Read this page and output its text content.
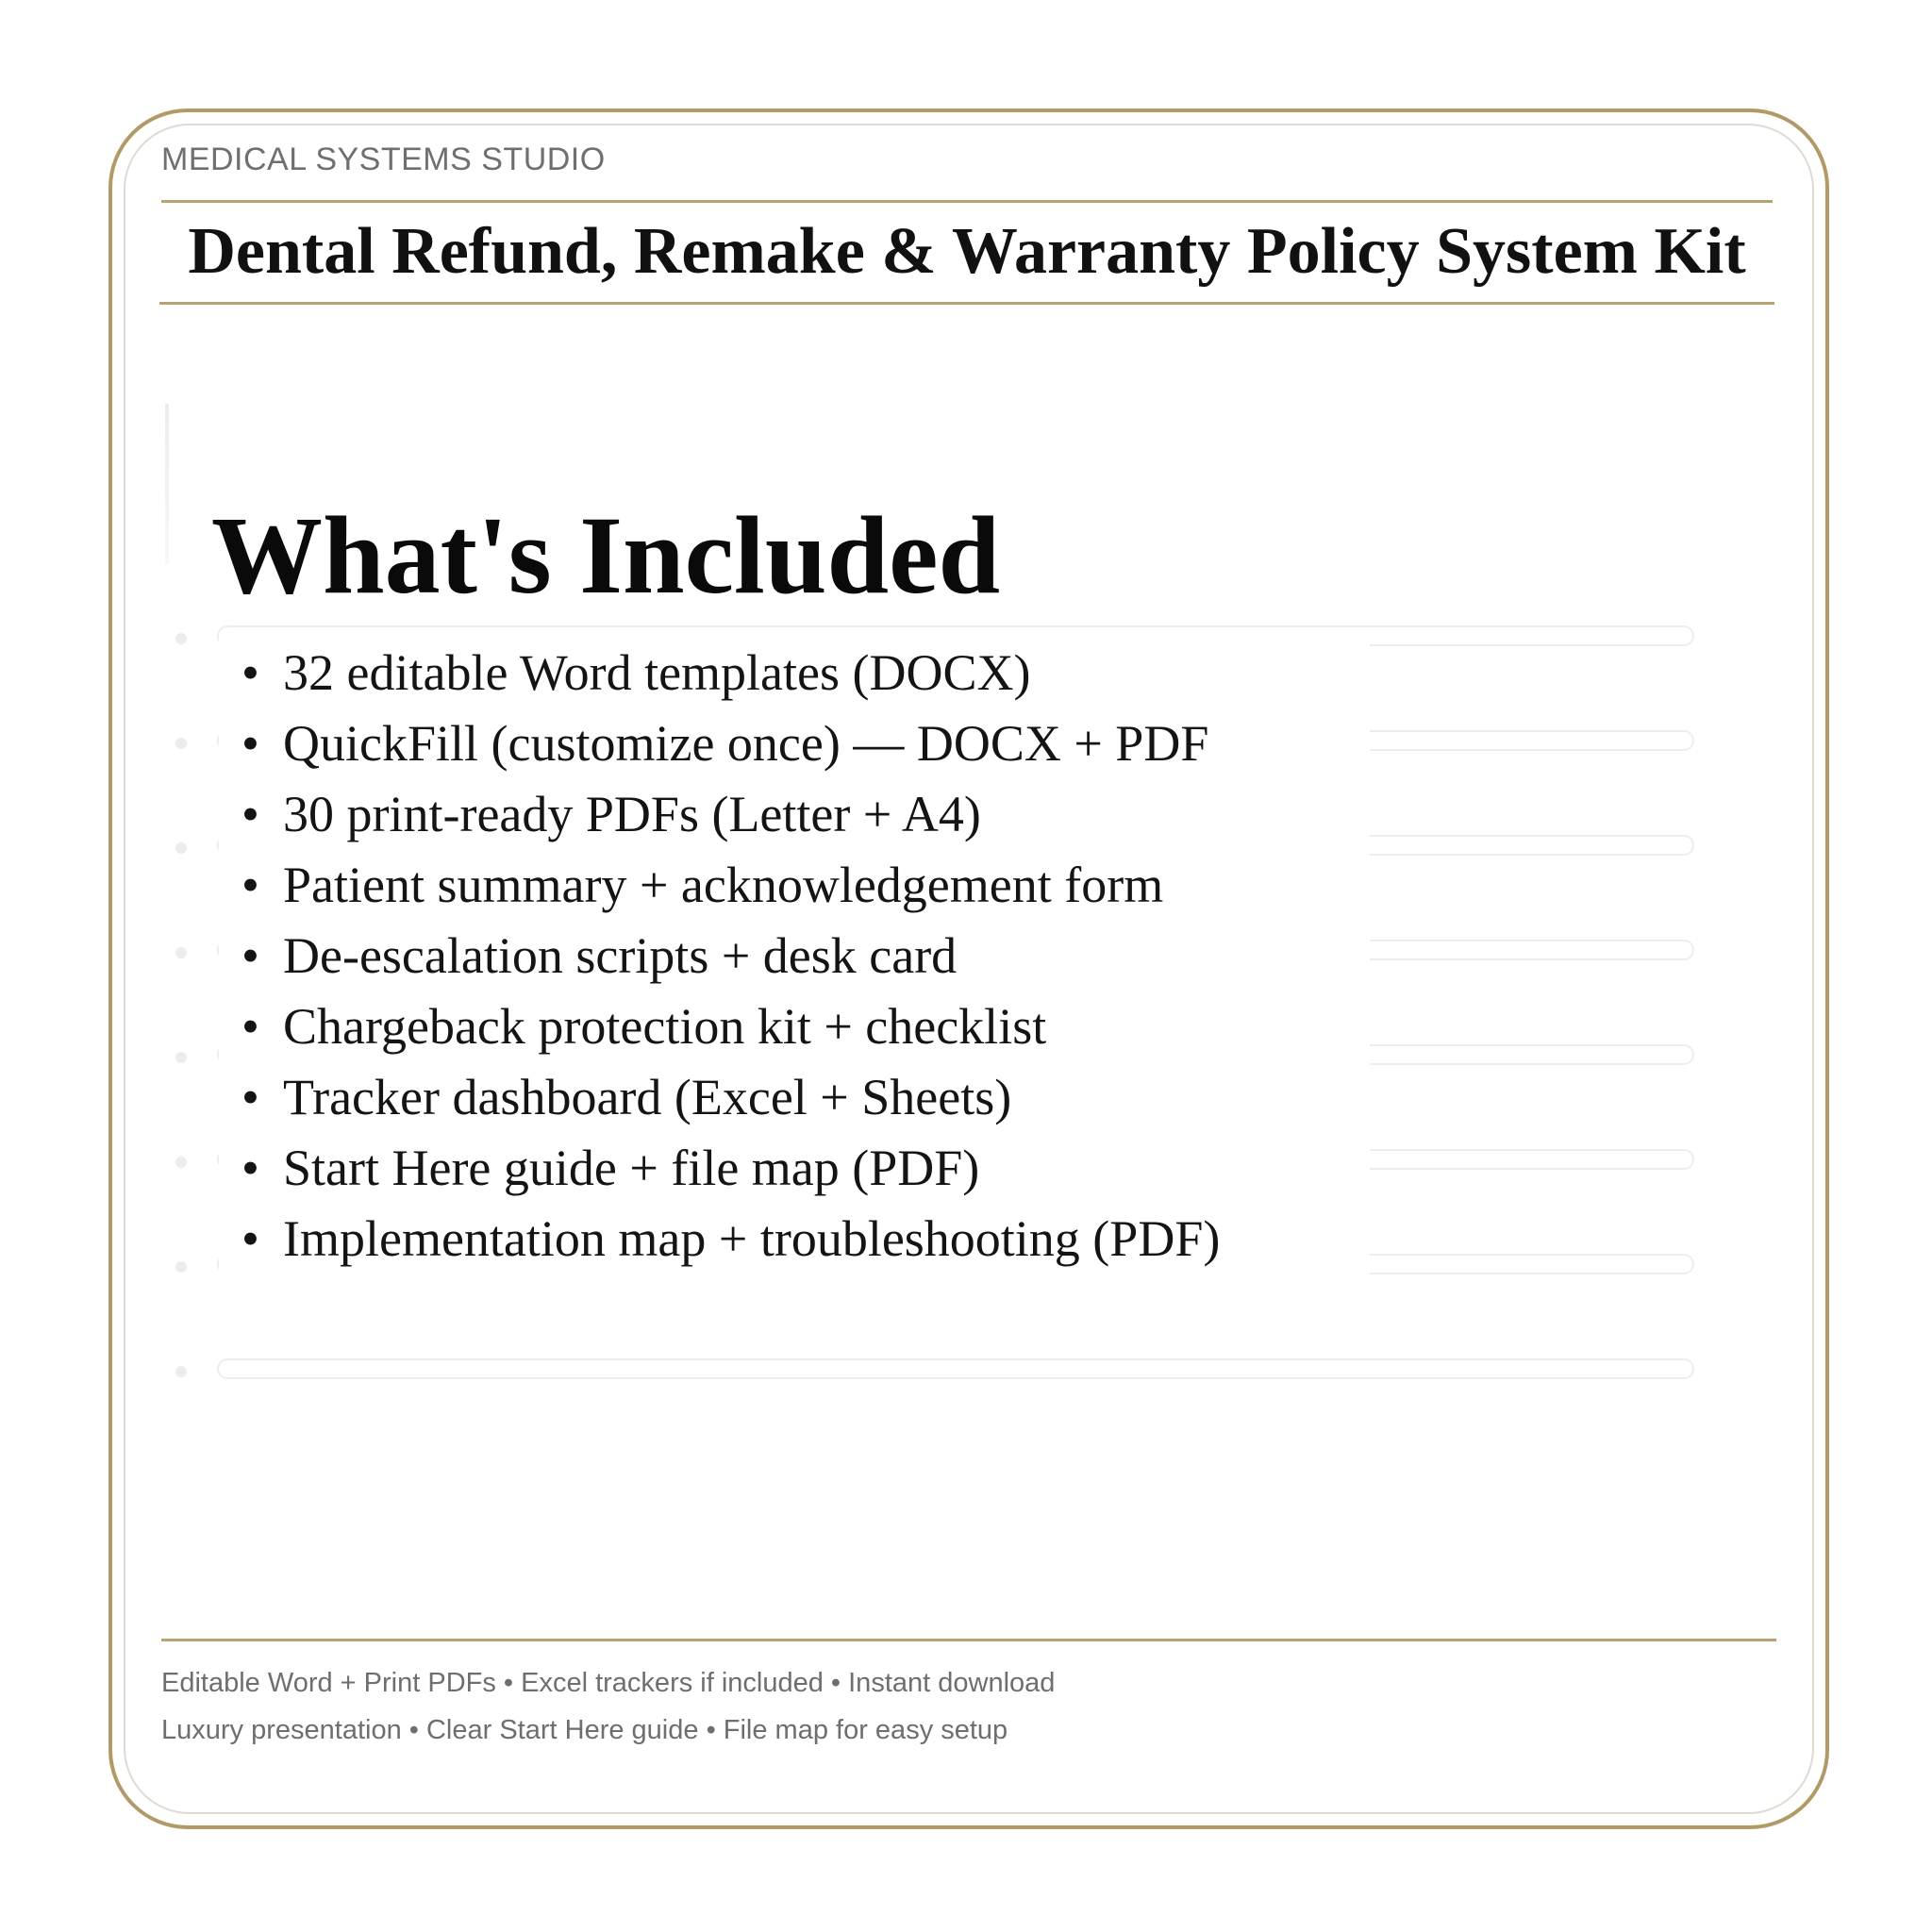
MEDICAL SYSTEMS STUDIO
Dental Refund, Remake & Warranty Policy System Kit
What's Included
• 32 editable Word templates (DOCX)
• QuickFill (customize once) — DOCX + PDF
• 30 print-ready PDFs (Letter + A4)
• Patient summary + acknowledgement form
• De-escalation scripts + desk card
• Chargeback protection kit + checklist
• Tracker dashboard (Excel + Sheets)
• Start Here guide + file map (PDF)
• Implementation map + troubleshooting (PDF)
Editable Word + Print PDFs • Excel trackers if included • Instant download
Luxury presentation • Clear Start Here guide • File map for easy setup
